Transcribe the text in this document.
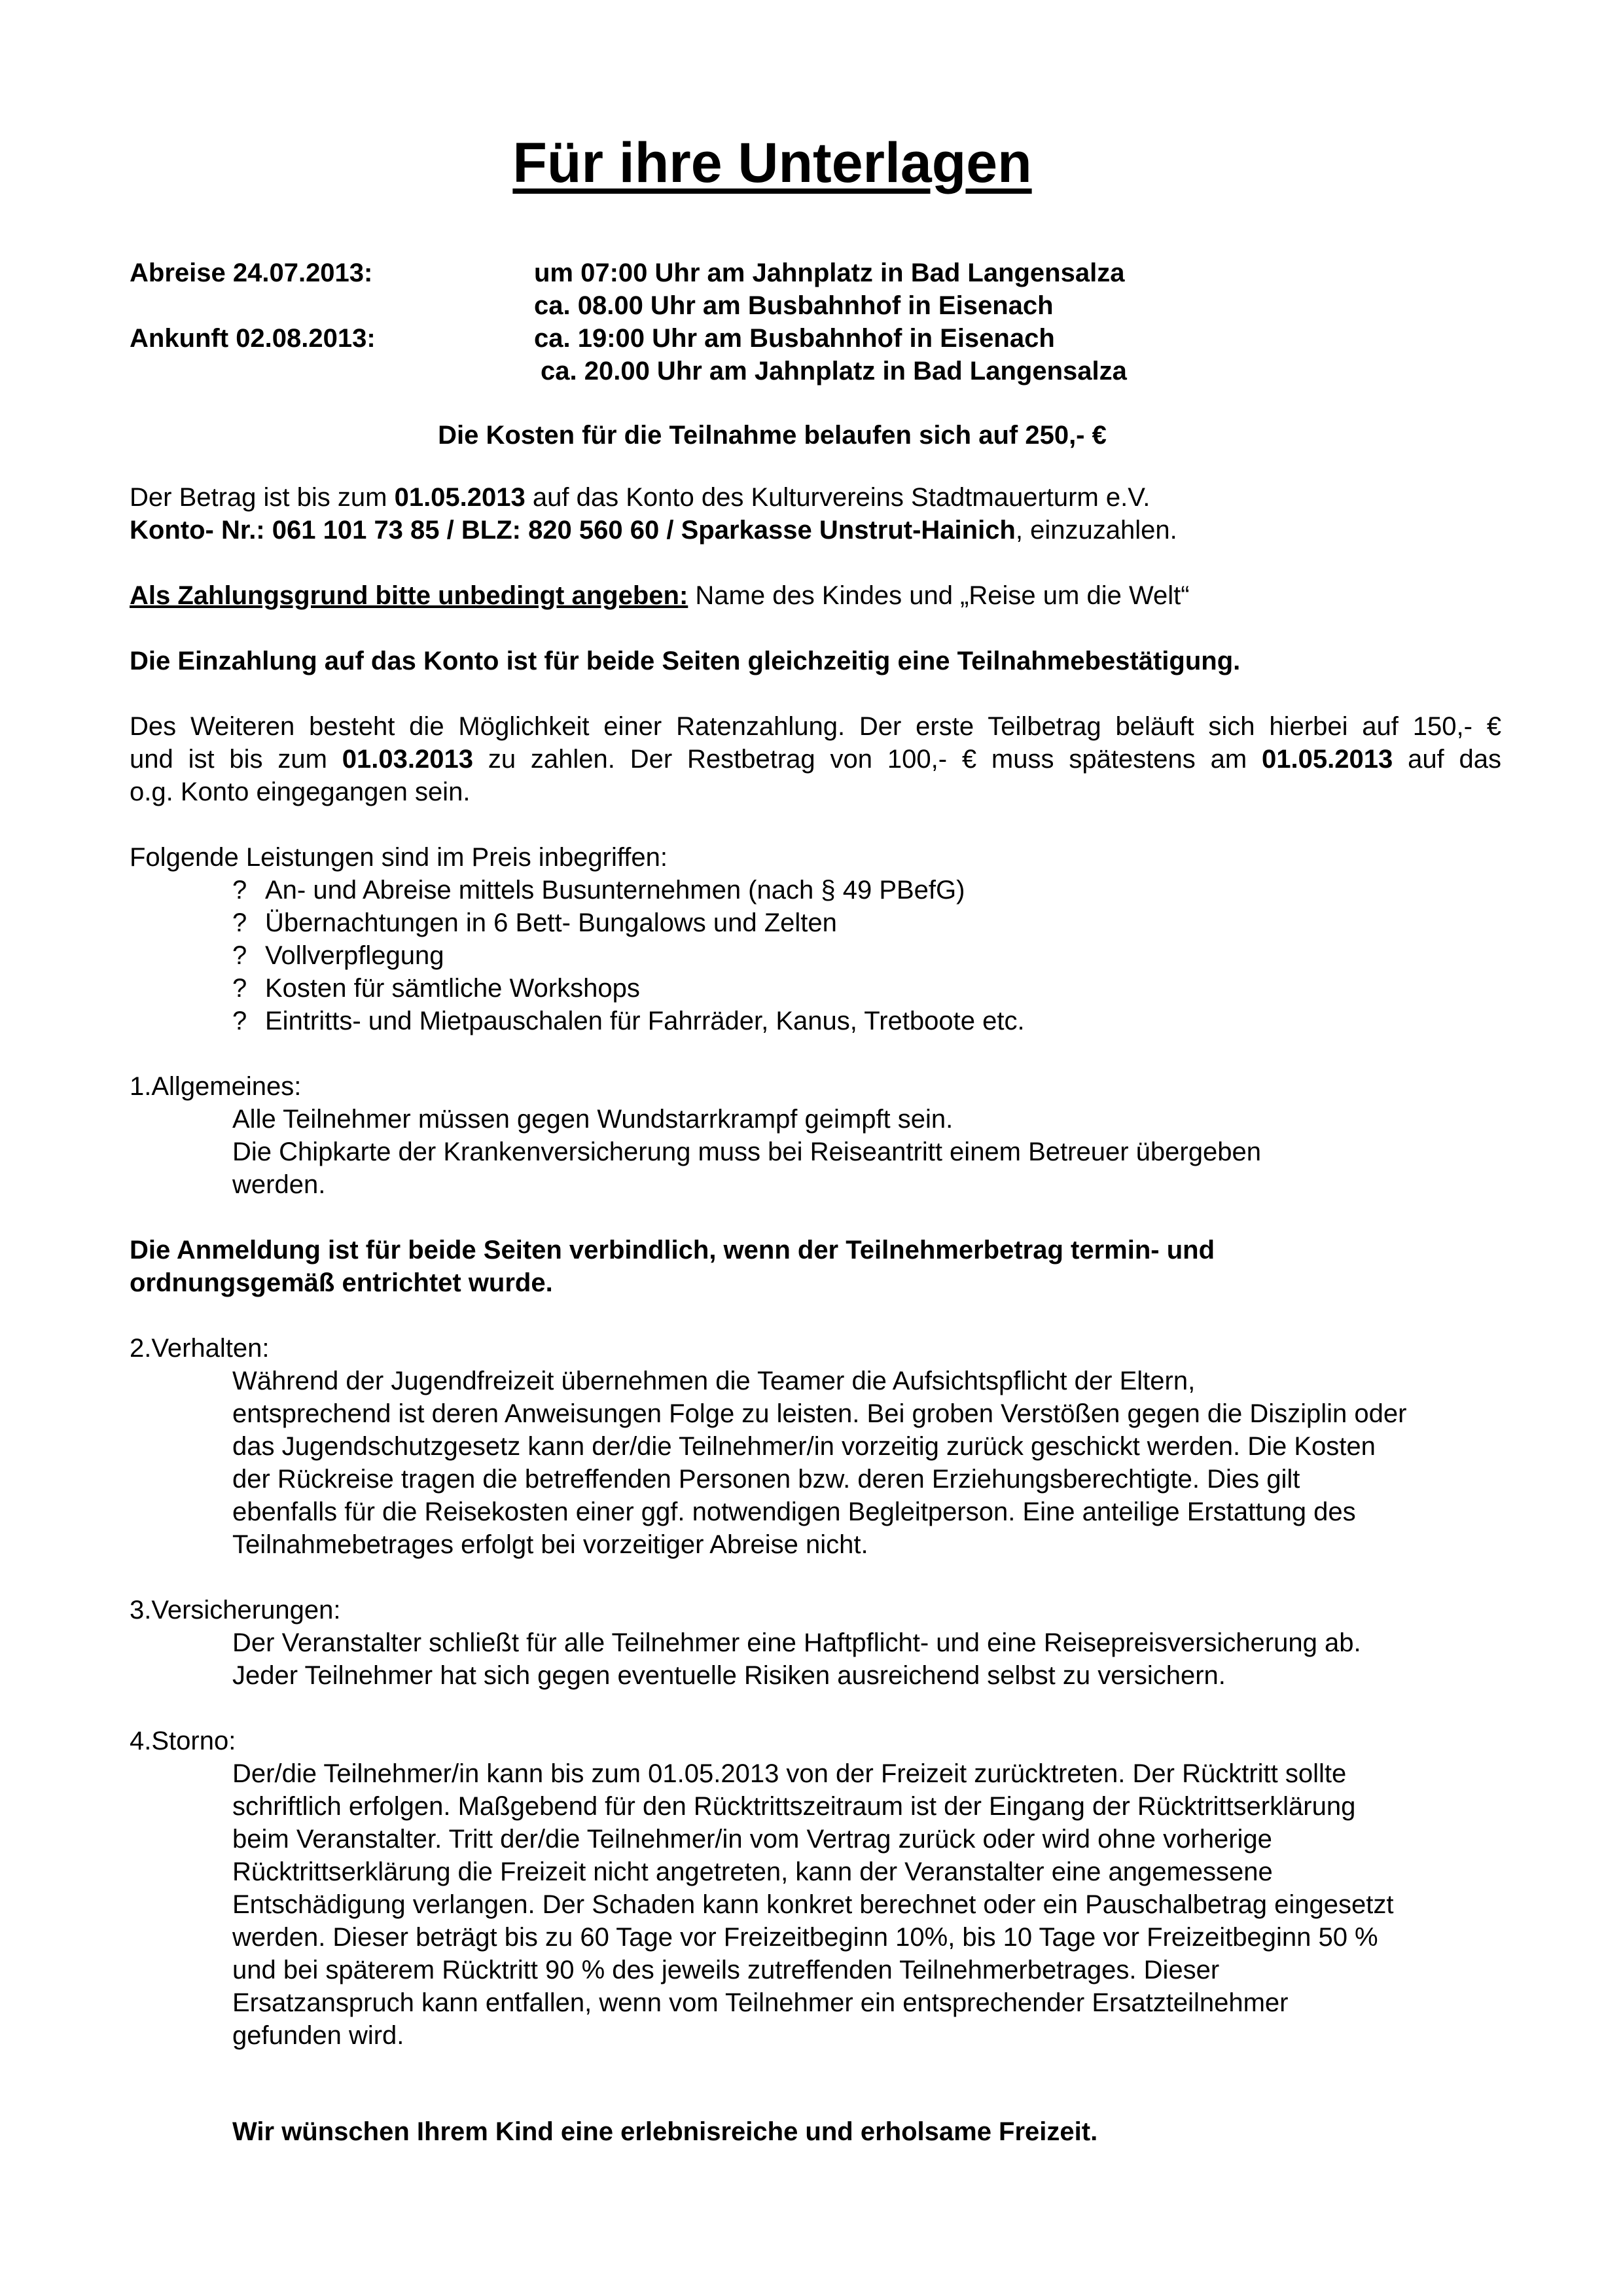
Für ihre Unterlagen
Abreise 24.07.2013:	um 07:00 Uhr am Jahnplatz in Bad Langensalza
ca. 08.00 Uhr am Busbahnhof in Eisenach
Ankunft 02.08.2013:	ca. 19:00 Uhr am Busbahnhof in Eisenach
ca. 20.00 Uhr am Jahnplatz in Bad Langensalza
Die Kosten für die Teilnahme belaufen sich auf 250,- €
Der Betrag ist bis zum 01.05.2013 auf das Konto des Kulturvereins Stadtmauerturm e.V.
Konto- Nr.: 061 101 73 85 / BLZ: 820 560 60 / Sparkasse Unstrut-Hainich, einzuzahlen.
Als Zahlungsgrund bitte unbedingt angeben: Name des Kindes und „Reise um die Welt“
Die Einzahlung auf das Konto ist für beide Seiten gleichzeitig eine Teilnahmebestätigung.
Des Weiteren besteht die Möglichkeit einer Ratenzahlung. Der erste Teilbetrag beläuft sich hierbei auf 150,- €
und ist bis zum 01.03.2013 zu zahlen. Der Restbetrag von 100,- € muss spätestens am 01.05.2013 auf das
o.g. Konto eingegangen sein.
Folgende Leistungen sind im Preis inbegriffen:
? An- und Abreise mittels Busunternehmen (nach § 49 PBefG)
? Übernachtungen in 6 Bett- Bungalows und Zelten
? Vollverpflegung
? Kosten für sämtliche Workshops
? Eintritts- und Mietpauschalen für Fahrräder, Kanus, Tretboote etc.
1.Allgemeines:
Alle Teilnehmer müssen gegen Wundstarrkrampf geimpft sein.
Die Chipkarte der Krankenversicherung muss bei Reiseantritt einem Betreuer übergeben
werden.
Die Anmeldung ist für beide Seiten verbindlich, wenn der Teilnehmerbetrag termin- und
ordnungsgemäß entrichtet wurde.
2.Verhalten:
Während der Jugendfreizeit übernehmen die Teamer die Aufsichtspflicht der Eltern,
entsprechend ist deren Anweisungen Folge zu leisten. Bei groben Verstößen gegen die Disziplin oder
das Jugendschutzgesetz kann der/die Teilnehmer/in vorzeitig zurück geschickt werden. Die Kosten
der Rückreise tragen die betreffenden Personen bzw. deren Erziehungsberechtigte. Dies gilt
ebenfalls für die Reisekosten einer ggf. notwendigen Begleitperson. Eine anteilige Erstattung des
Teilnahmebetrages erfolgt bei vorzeitiger Abreise nicht.
3.Versicherungen:
Der Veranstalter schließt für alle Teilnehmer eine Haftpflicht- und eine Reisepreisversicherung ab.
Jeder Teilnehmer hat sich gegen eventuelle Risiken ausreichend selbst zu versichern.
4.Storno:
Der/die Teilnehmer/in kann bis zum 01.05.2013 von der Freizeit zurücktreten. Der Rücktritt sollte
schriftlich erfolgen. Maßgebend für den Rücktrittszeitraum ist der Eingang der Rücktrittserklärung
beim Veranstalter. Tritt der/die Teilnehmer/in vom Vertrag zurück oder wird ohne vorherige
Rücktrittserklärung die Freizeit nicht angetreten, kann der Veranstalter eine angemessene
Entschädigung verlangen. Der Schaden kann konkret berechnet oder ein Pauschalbetrag eingesetzt
werden. Dieser beträgt bis zu 60 Tage vor Freizeitbeginn 10%, bis 10 Tage vor Freizeitbeginn 50 %
und bei späterem Rücktritt 90 % des jeweils zutreffenden Teilnehmerbetrages. Dieser
Ersatzanspruch kann entfallen, wenn vom Teilnehmer ein entsprechender Ersatzteilnehmer
gefunden wird.
Wir wünschen Ihrem Kind eine erlebnisreiche und erholsame Freizeit.
